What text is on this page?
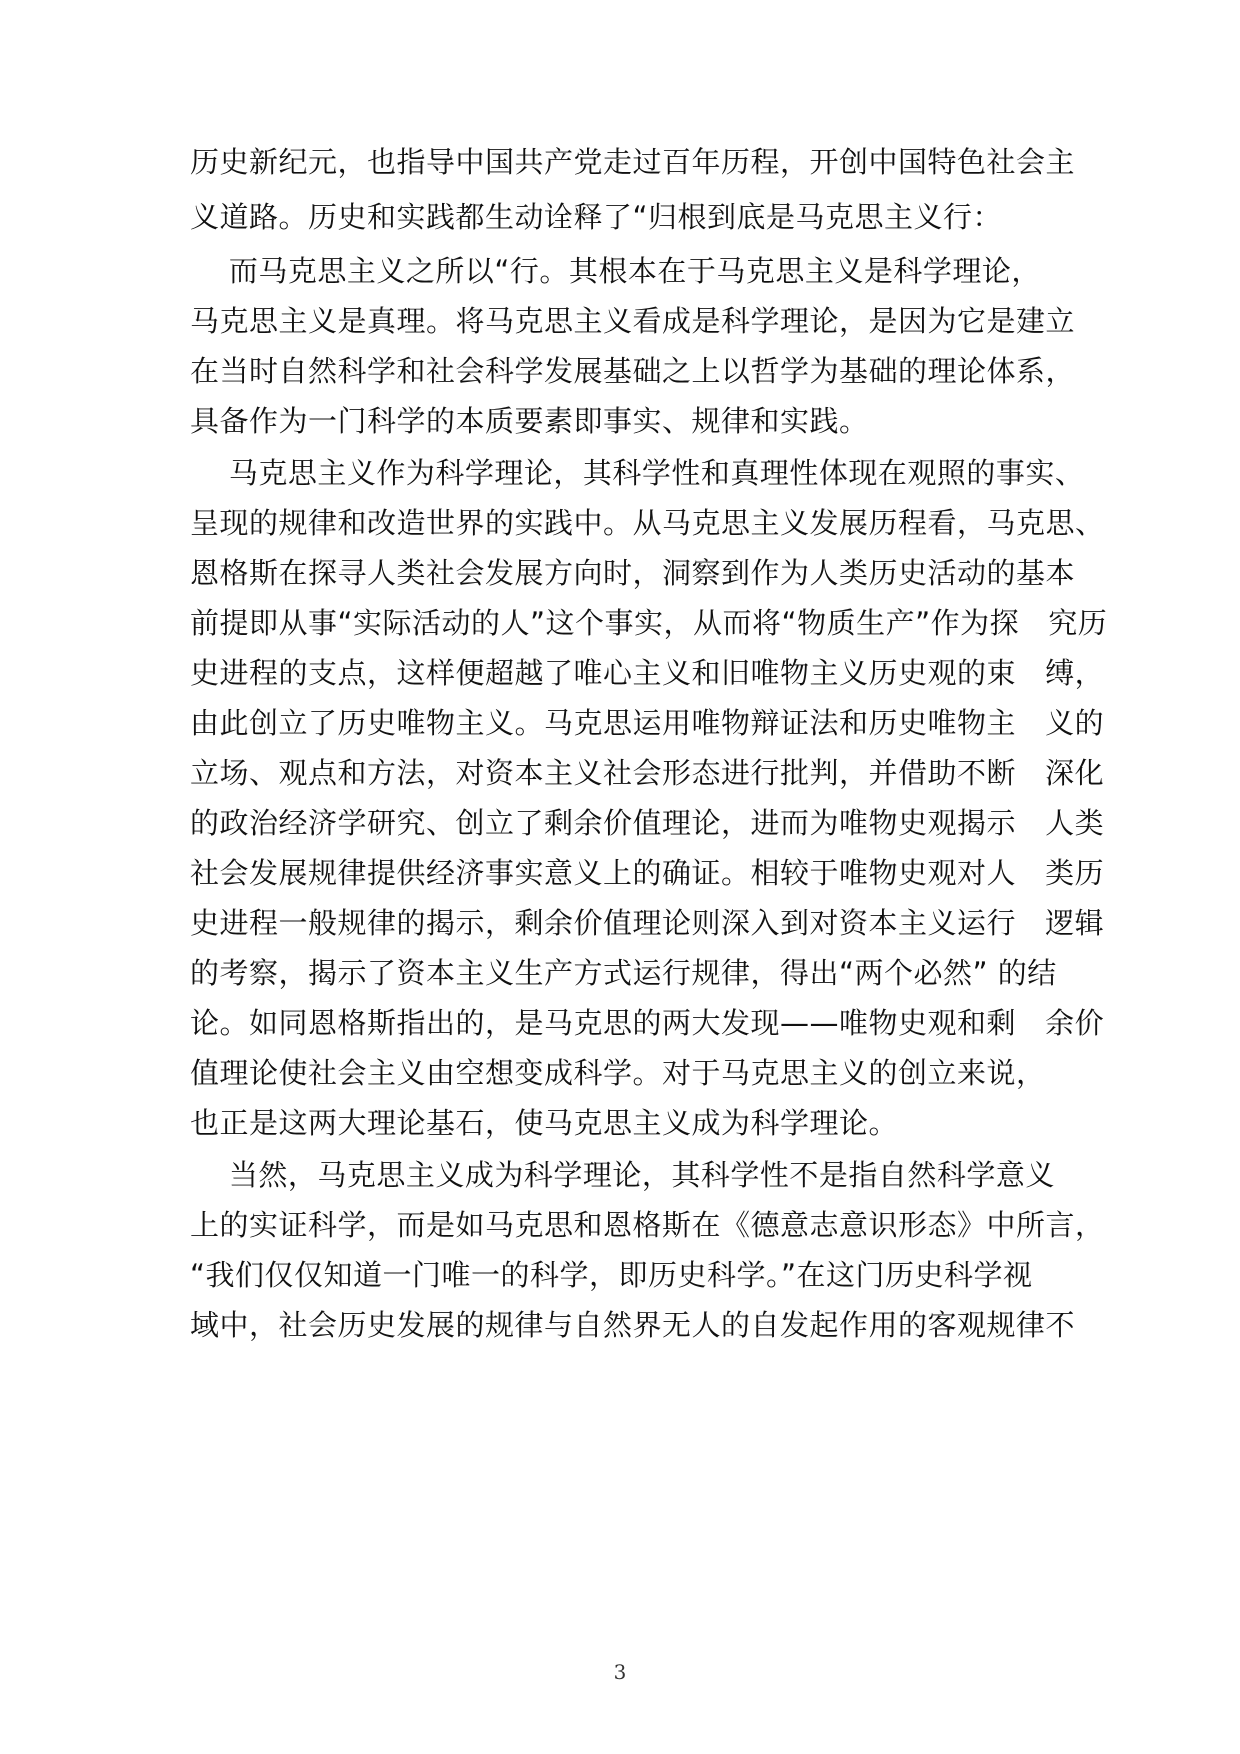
历史新纪元，也指导中国共产党走过百年历程，开创中国特色社会主
义道路。历史和实践都生动诠释了“归根到底是马克思主义行：
而马克思主义之所以“行。其根本在于马克思主义是科学理论，
马克思主义是真理。将马克思主义看成是科学理论，是因为它是建立
在当时自然科学和社会科学发展基础之上以哲学为基础的理论体系，
具备作为一门科学的本质要素即事实、规律和实践。
马克思主义作为科学理论，其科学性和真理性体现在观照的事实、
呈现的规律和改造世界的实践中。从马克思主义发展历程看，马克思、
恩格斯在探寻人类社会发展方向时，洞察到作为人类历史活动的基本
前提即从事“实际活动的人”这个事实，从而将“物质生产”作为探   究历
史进程的支点，这样便超越了唯心主义和旧唯物主义历史观的束   缚，
由此创立了历史唯物主义。马克思运用唯物辩证法和历史唯物主   义的
立场、观点和方法，对资本主义社会形态进行批判，并借助不断   深化
的政治经济学研究、创立了剩余价值理论，进而为唯物史观揭示   人类
社会发展规律提供经济事实意义上的确证。相较于唯物史观对人   类历
史进程一般规律的揭示，剩余价值理论则深入到对资本主义运行   逻辑
的考察，揭示了资本主义生产方式运行规律，得出“两个必然” 的结
论。如同恩格斯指出的，是马克思的两大发现——唯物史观和剩   余价
值理论使社会主义由空想变成科学。对于马克思主义的创立来说，
也正是这两大理论基石，使马克思主义成为科学理论。
当然，马克思主义成为科学理论，其科学性不是指自然科学意义
上的实证科学，而是如马克思和恩格斯在《德意志意识形态》中所言，
“我们仅仅知道一门唯一的科学，即历史科学。”在这门历史科学视
域中，社会历史发展的规律与自然界无人的自发起作用的客观规律不
3
